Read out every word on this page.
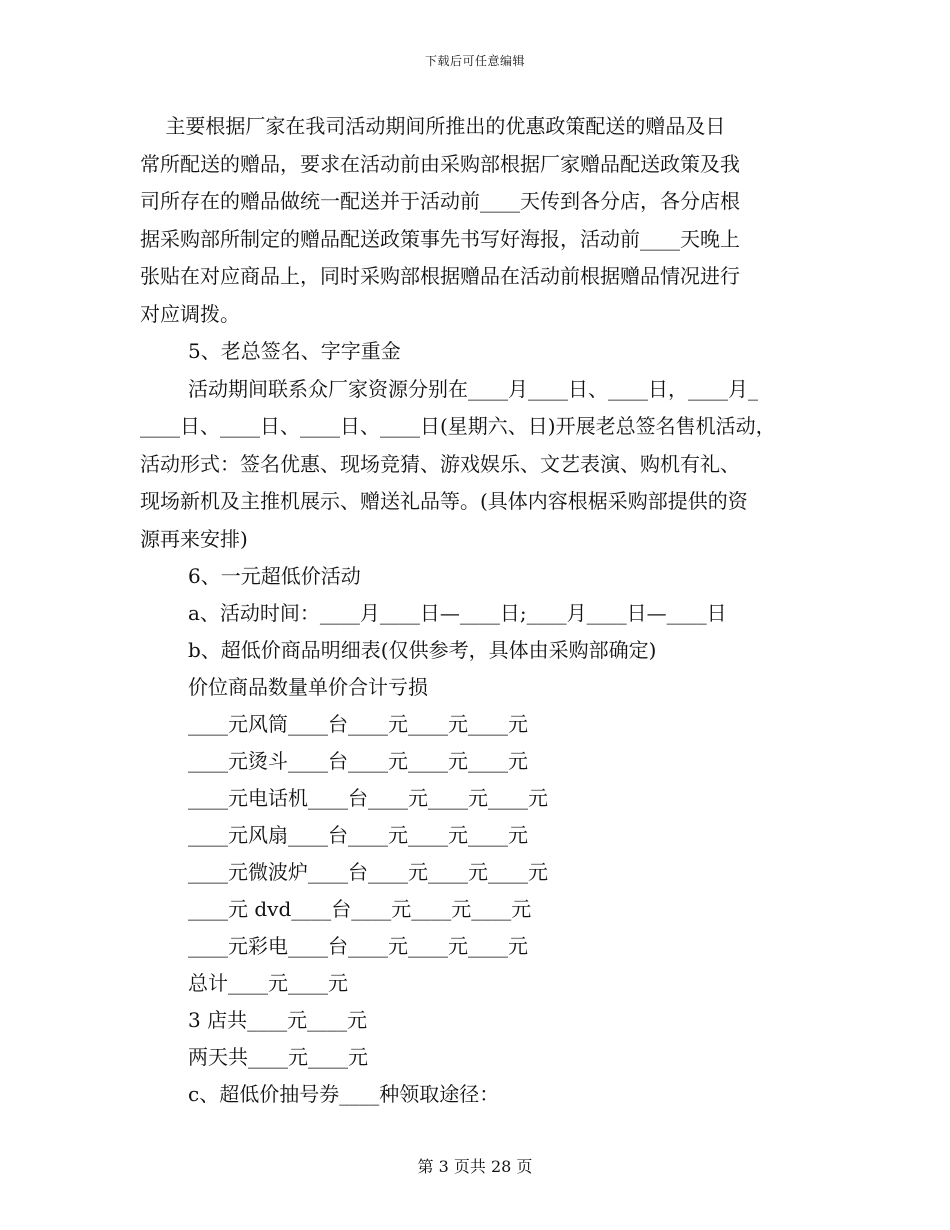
下载后可任意编辑
主要根据厂家在我司活动期间所推出的优惠政策配送的赠品及日
常所配送的赠品，要求在活动前由采购部根据厂家赠品配送政策及我
司所存在的赠品做统一配送并于活动前____天传到各分店，各分店根
据采购部所制定的赠品配送政策事先书写好海报，活动前____天晚上
张贴在对应商品上，同时采购部根据赠品在活动前根据赠品情况进行
对应调拨。
5、老总签名、字字重金
活动期间联系众厂家资源分别在____月____日、____日，____月_
____日、____日、____日、____日(星期六、日)开展老总签名售机活动，
活动形式：签名优惠、现场竞猜、游戏娱乐、文艺表演、购机有礼、
现场新机及主推机展示、赠送礼品等。(具体内容根椐采购部提供的资
源再来安排)
6、一元超低价活动
a、活动时间：____月____日—____日;____月____日—____日
b、超低价商品明细表(仅供参考，具体由采购部确定)
价位商品数量单价合计亏损
____元风筒____台____元____元____元
____元烫斗____台____元____元____元
____元电话机____台____元____元____元
____元风扇____台____元____元____元
____元微波炉____台____元____元____元
____元 dvd____台____元____元____元
____元彩电____台____元____元____元
总计____元____元
3 店共____元____元
两天共____元____元
c、超低价抽号券____种领取途径：
第 3 页共 28 页
